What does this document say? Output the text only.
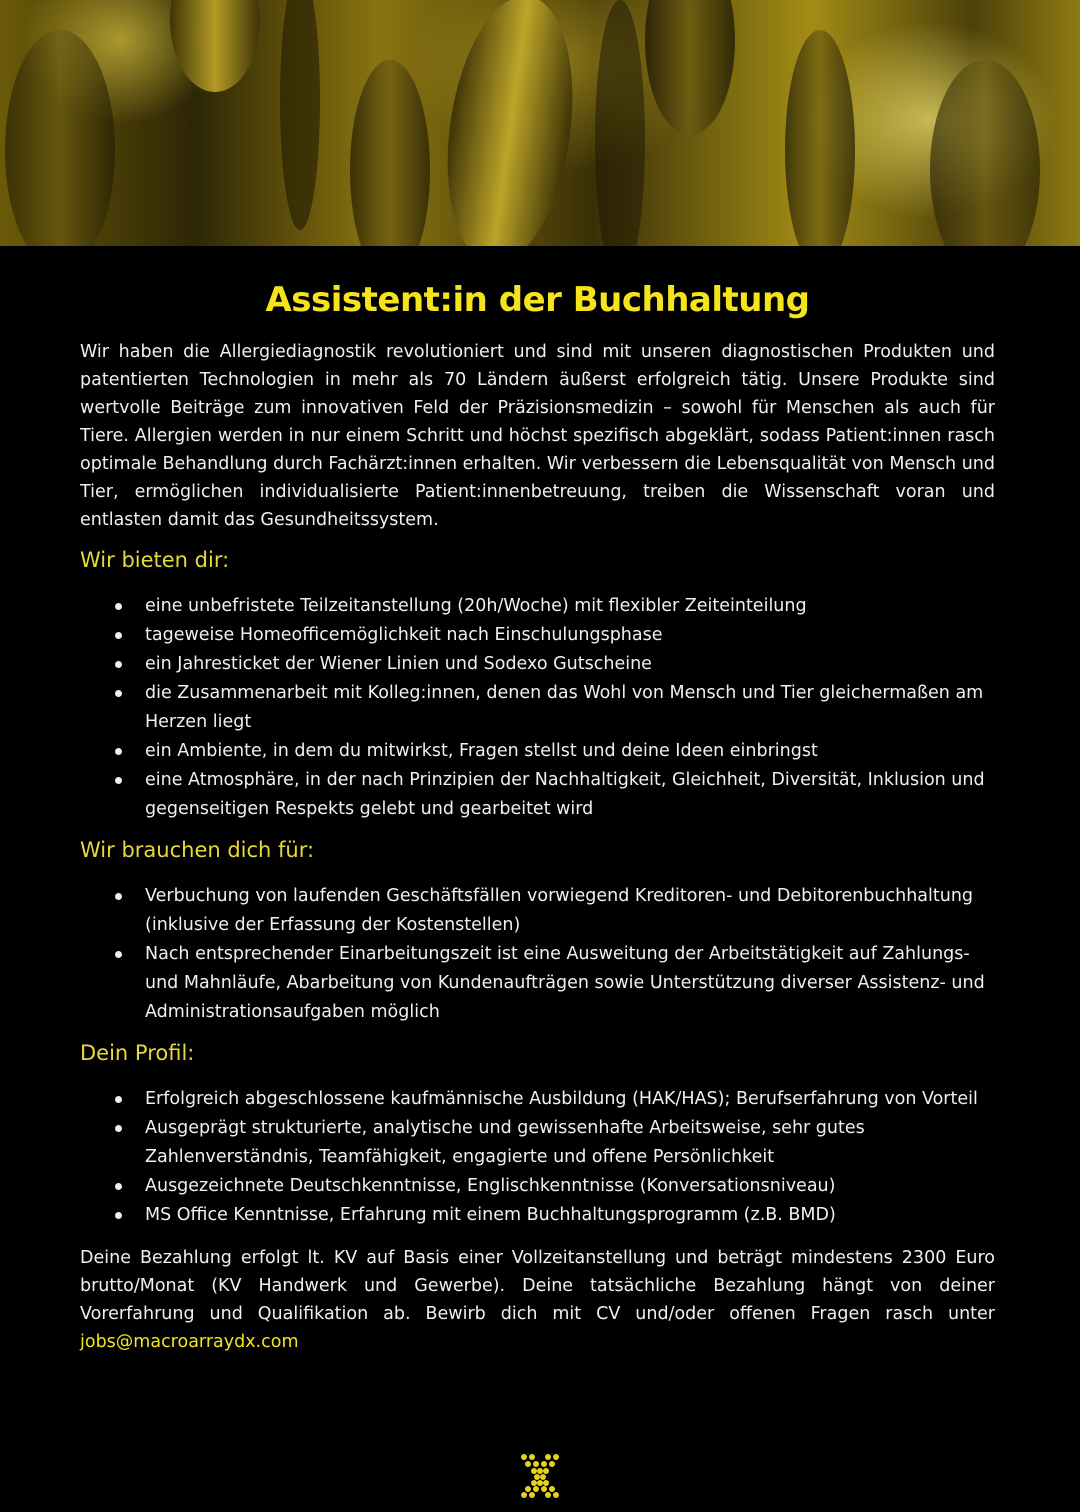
Assistent:in der Buchhaltung

Wir haben die Allergiediagnostik revolutioniert und sind mit unseren diagnostischen Produkten und patentierten Technologien in mehr als 70 Ländern äußerst erfolgreich tätig. Unsere Produkte sind wertvolle Beiträge zum innovativen Feld der Präzisionsmedizin – sowohl für Menschen als auch für Tiere. Allergien werden in nur einem Schritt und höchst spezifisch abgeklärt, sodass Patient:innen rasch optimale Behandlung durch Fachärzt:innen erhalten. Wir verbessern die Lebensqualität von Mensch und Tier, ermöglichen individualisierte Patient:innenbetreuung, treiben die Wissenschaft voran und entlasten damit das Gesundheitssystem.

Wir bieten dir:
eine unbefristete Teilzeitanstellung (20h/Woche) mit flexibler Zeiteinteilung
tageweise Homeofficemöglichkeit nach Einschulungsphase
ein Jahresticket der Wiener Linien und Sodexo Gutscheine
die Zusammenarbeit mit Kolleg:innen, denen das Wohl von Mensch und Tier gleichermaßen am Herzen liegt
ein Ambiente, in dem du mitwirkst, Fragen stellst und deine Ideen einbringst
eine Atmosphäre, in der nach Prinzipien der Nachhaltigkeit, Gleichheit, Diversität, Inklusion und gegenseitigen Respekts gelebt und gearbeitet wird
Wir brauchen dich für:
Verbuchung von laufenden Geschäftsfällen vorwiegend Kreditoren- und Debitorenbuchhaltung (inklusive der Erfassung der Kostenstellen)
Nach entsprechender Einarbeitungszeit ist eine Ausweitung der Arbeitstätigkeit auf Zahlungs- und Mahnläufe, Abarbeitung von Kundenaufträgen sowie Unterstützung diverser Assistenz- und Administrationsaufgaben möglich
Dein Profil:
Erfolgreich abgeschlossene kaufmännische Ausbildung (HAK/HAS); Berufserfahrung von Vorteil
Ausgeprägt strukturierte, analytische und gewissenhafte Arbeitsweise, sehr gutes Zahlenverständnis, Teamfähigkeit, engagierte und offene Persönlichkeit
Ausgezeichnete Deutschkenntnisse, Englischkenntnisse (Konversationsniveau)
MS Office Kenntnisse, Erfahrung mit einem Buchhaltungsprogramm (z.B. BMD)

Deine Bezahlung erfolgt lt. KV auf Basis einer Vollzeitanstellung und beträgt mindestens 2300 Euro brutto/Monat (KV Handwerk und Gewerbe). Deine tatsächliche Bezahlung hängt von deiner Vorerfahrung und Qualifikation ab. Bewirb dich mit CV und/oder offenen Fragen rasch unter jobs@macroarraydx.com
